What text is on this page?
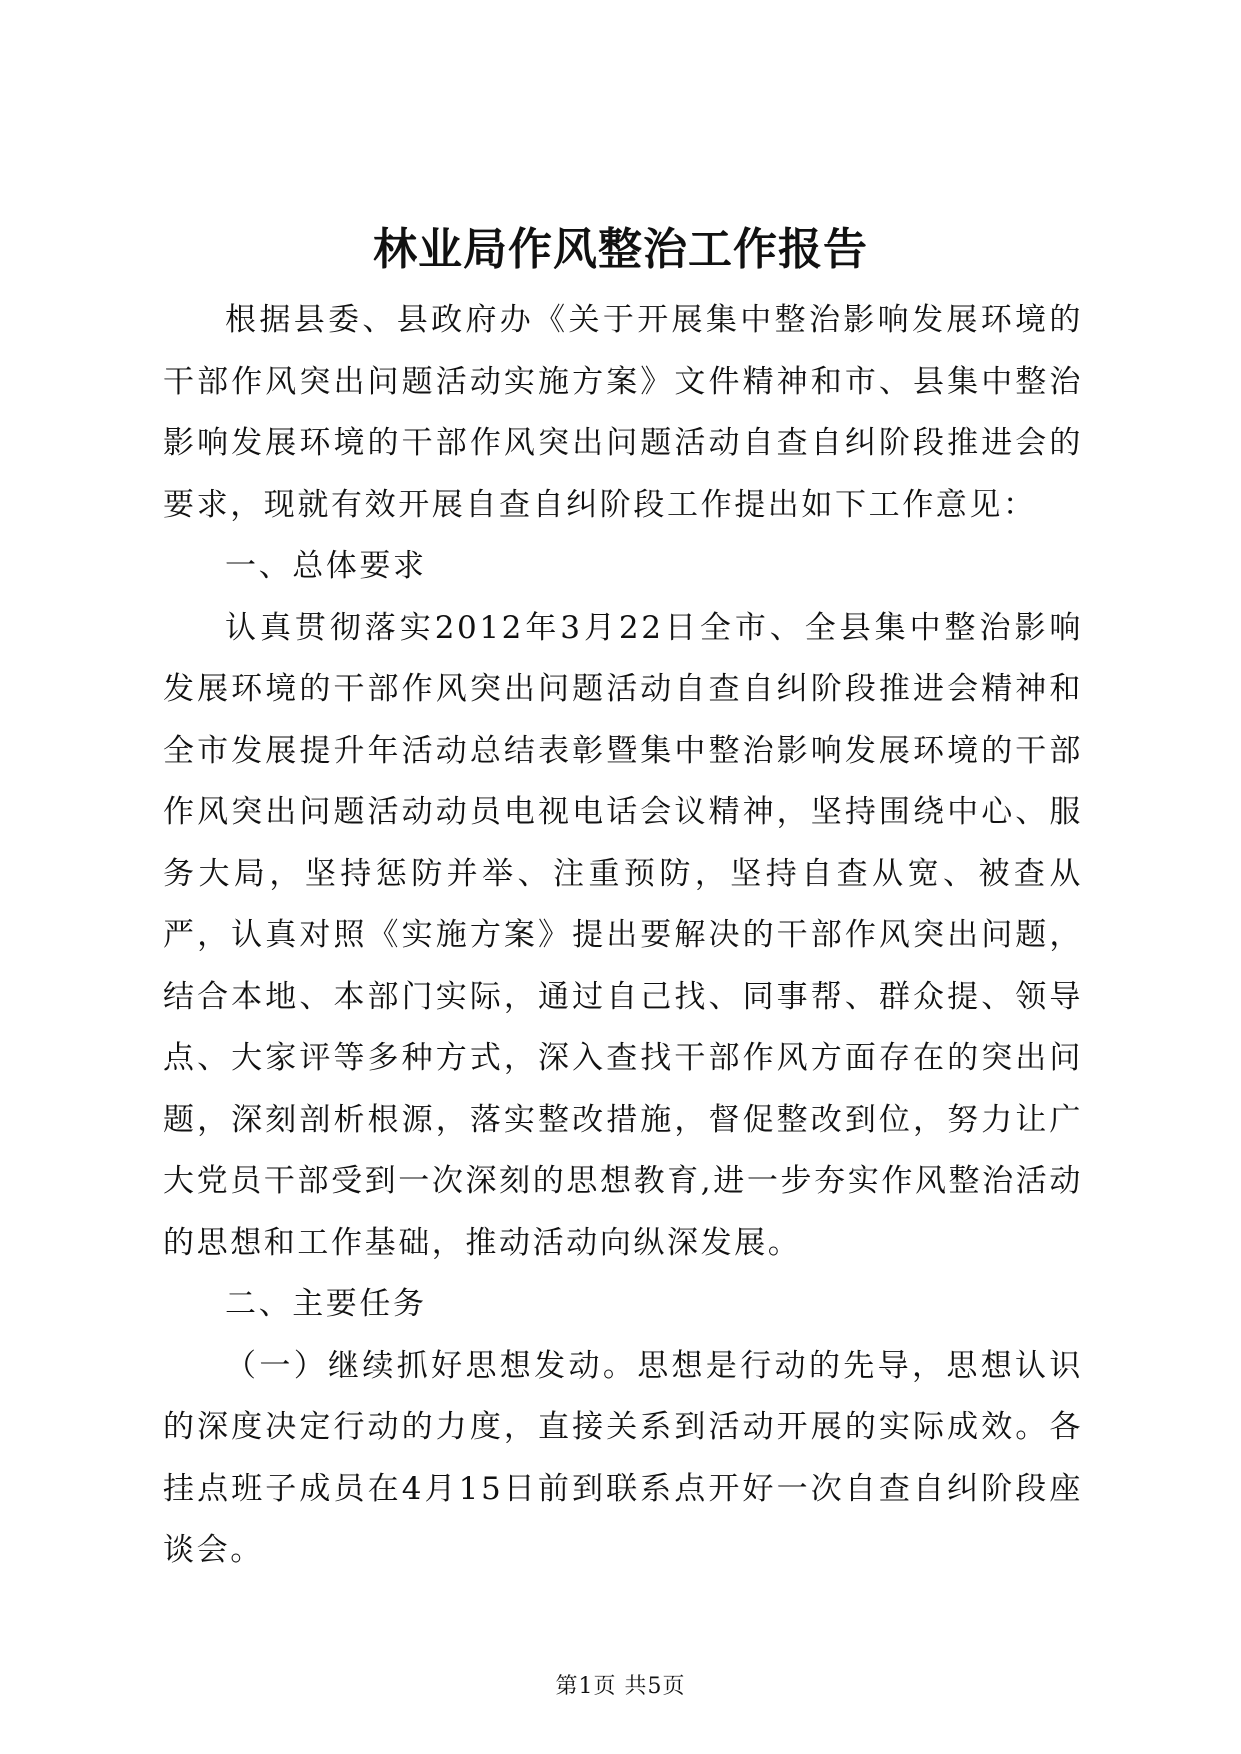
林业局作风整治工作报告

根据县委、县政府办《关于开展集中整治影响发展环境的干部作风突出问题活动实施方案》文件精神和市、县集中整治影响发展环境的干部作风突出问题活动自查自纠阶段推进会的要求，现就有效开展自查自纠阶段工作提出如下工作意见：

一、总体要求

认真贯彻落实2012年3月22日全市、全县集中整治影响发展环境的干部作风突出问题活动自查自纠阶段推进会精神和全市发展提升年活动总结表彰暨集中整治影响发展环境的干部作风突出问题活动动员电视电话会议精神，坚持围绕中心、服务大局，坚持惩防并举、注重预防，坚持自查从宽、被查从严，认真对照《实施方案》提出要解决的干部作风突出问题，结合本地、本部门实际，通过自己找、同事帮、群众提、领导点、大家评等多种方式，深入查找干部作风方面存在的突出问题，深刻剖析根源，落实整改措施，督促整改到位，努力让广大党员干部受到一次深刻的思想教育,进一步夯实作风整治活动的思想和工作基础，推动活动向纵深发展。

二、主要任务

（一）继续抓好思想发动。思想是行动的先导，思想认识的深度决定行动的力度，直接关系到活动开展的实际成效。各挂点班子成员在4月15日前到联系点开好一次自查自纠阶段座谈会。

第1页 共5页
